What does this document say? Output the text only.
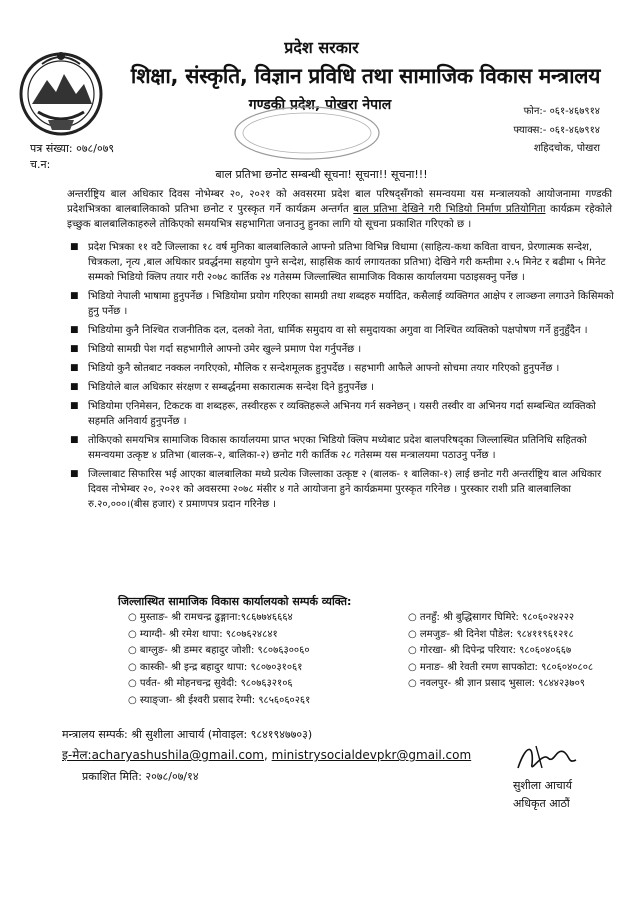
प्रदेश सरकार
शिक्षा, संस्कृति, विज्ञान प्रविधि तथा सामाजिक विकास मन्त्रालय
गण्डकी प्रदेश, पोखरा नेपाल	फोन:- ०६१-४६७९१४
फ्याक्स:- ०६१-४६७९१४
शहिदचोक, पोखरा
पत्र संख्या: ०७८/०७९
च.न:
बाल प्रतिभा छनोट सम्बन्धी सूचना! सूचना!! सूचना!!!
अन्तर्राष्ट्रिय बाल अधिकार दिवस नोभेम्बर २०, २०२१ को अवसरमा प्रदेश बाल परिषद्सँगको समन्वयमा यस मन्त्रालयको आयोजनामा गण्डकी प्रदेशभित्रका बालबालिकाको प्रतिभा छनोट र पुरस्कृत गर्ने कार्यक्रम अन्तर्गत बाल प्रतिभा देखिने गरी भिडियो निर्माण प्रतियोगिता कार्यक्रम रहेकोले इच्छुक बालबालिकाहरुले तोकिएको समयभित्र सहभागिता जनाउनु हुनका लागि यो सूचना प्रकाशित गरिएको छ ।
■ प्रदेश भित्रका ११ वटै जिल्लाका १८ वर्ष मुनिका बालबालिकाले आफ्नो प्रतिभा विभिन्न विधामा (साहित्य-कथा कविता वाचन, प्रेरणात्मक सन्देश, चित्रकला, नृत्य ,बाल अधिकार प्रवर्द्धनमा सहयोग पुग्ने सन्देश, साहसिक कार्य लगायतका प्रतिभा) देखिने गरी कम्तीमा २.५ मिनेट र बढीमा ५ मिनेट सम्मको भिडियो क्लिप तयार गरी २०७८ कार्तिक २४ गतेसम्म जिल्लास्थित सामाजिक विकास कार्यालयमा पठाइसक्नु पर्नेछ ।
■ भिडियो नेपाली भाषामा हुनुपर्नेछ । भिडियोमा प्रयोग गरिएका सामग्री तथा शब्दहरु मर्यादित, कसैलाई व्यक्तिगत आक्षेप र लाञ्छना लगाउने किसिमको हुनु पर्नेछ ।
■ भिडियोमा कुनै निश्चित राजनीतिक दल, दलको नेता, धार्मिक समुदाय वा सो समुदायका अगुवा वा निश्चित व्यक्तिको पक्षपोषण गर्ने हुनुहुँदैन ।
■ भिडियो सामग्री पेश गर्दा सहभागीले आफ्नो उमेर खुल्ने प्रमाण पेश गर्नुपर्नेछ ।
■ भिडियो कुनै स्रोतबाट नक्कल नगरिएको, मौलिक र सन्देशमूलक हुनुपर्देछ । सहभागी आफैले आफ्नो सोचमा तयार गरिएको हुनुपर्नेछ ।
■ भिडियोले बाल अधिकार संरक्षण र सम्बर्द्धनमा सकारात्मक सन्देश दिने हुनुपर्नेछ ।
■ भिडियोमा एनिमेसन, टिकटक वा शब्दहरू, तस्वीरहरू र व्यक्तिहरूले अभिनय गर्न सक्नेछन् । यसरी तस्वीर वा अभिनय गर्दा सम्बन्धित व्यक्तिको सहमति अनिवार्य हुनुपर्नेछ ।
■ तोकिएको समयभित्र सामाजिक विकास कार्यालयमा प्राप्त भएका भिडियो क्लिप मध्येबाट प्रदेश बालपरिषद्का जिल्लास्थित प्रतिनिधि सहितको समन्वयमा उत्कृष्ट ४ प्रतिभा (बालक-२, बालिका-२) छनोट गरी कार्तिक २८ गतेसम्म यस मन्त्रालयमा पठाउनु पर्नेछ ।
■ जिल्लाबाट सिफारिस भई आएका बालबालिका मध्ये प्रत्येक जिल्लाका उत्कृष्ट २ (बालक- १ बालिका-१) लाई छनोट गरी अन्तर्राष्ट्रिय बाल अधिकार दिवस नोभेम्बर २०, २०२१ को अवसरमा २०७८ मंसीर ४ गते आयोजना हुने कार्यक्रममा पुरस्कृत गरिनेछ । पुरस्कार राशी प्रति बालबालिका रु.२०,०००।(बीस हजार) र प्रमाणपत्र प्रदान गरिनेछ ।
जिल्लास्थित सामाजिक विकास कार्यालयको सम्पर्क व्यक्ति:
○ मुस्ताङ- श्री रामचन्द्र ढुङ्गाना:९८६७७४६६६४
○ म्याग्दी- श्री रमेश थापा: ९८०७६२४८४१
○ बाग्लुङ- श्री डम्मर बहादुर जोशी: ९८०७६३००६०
○ कास्की- श्री इन्द्र बहादुर थापा: ९८०७०३१०६१
○ पर्वत- श्री मोहनचन्द्र सुवेदी: ९८०७६३२१०६
○ स्याङ्जा- श्री ईश्वरी प्रसाद रेग्मी: ९८५६०६०२६१
○ तनहुँ: श्री बुद्धिसागर घिमिरे: ९८०६०२४२२२
○ लमजुङ- श्री दिनेश पौडेल: ९८४११९६१२१८
○ गोरखा- श्री दिपेन्द्र परियार: ९८०६०४०६६७
○ मनाङ- श्री रेवती रमण सापकोटा: ९८०६०४०८०८
○ नवलपुर- श्री ज्ञान प्रसाद भुसाल: ९८४४२३७०९
मन्त्रालय सम्पर्क: श्री सुशीला आचार्य (मोवाइल: ९८४१९४७७०३)
इ-मेल:acharyashushila@gmail.com, ministrysocialdevpkr@gmail.com
प्रकाशित मिति: २०७८/०७/१४
सुशीला आचार्य
अधिकृत आठौं
